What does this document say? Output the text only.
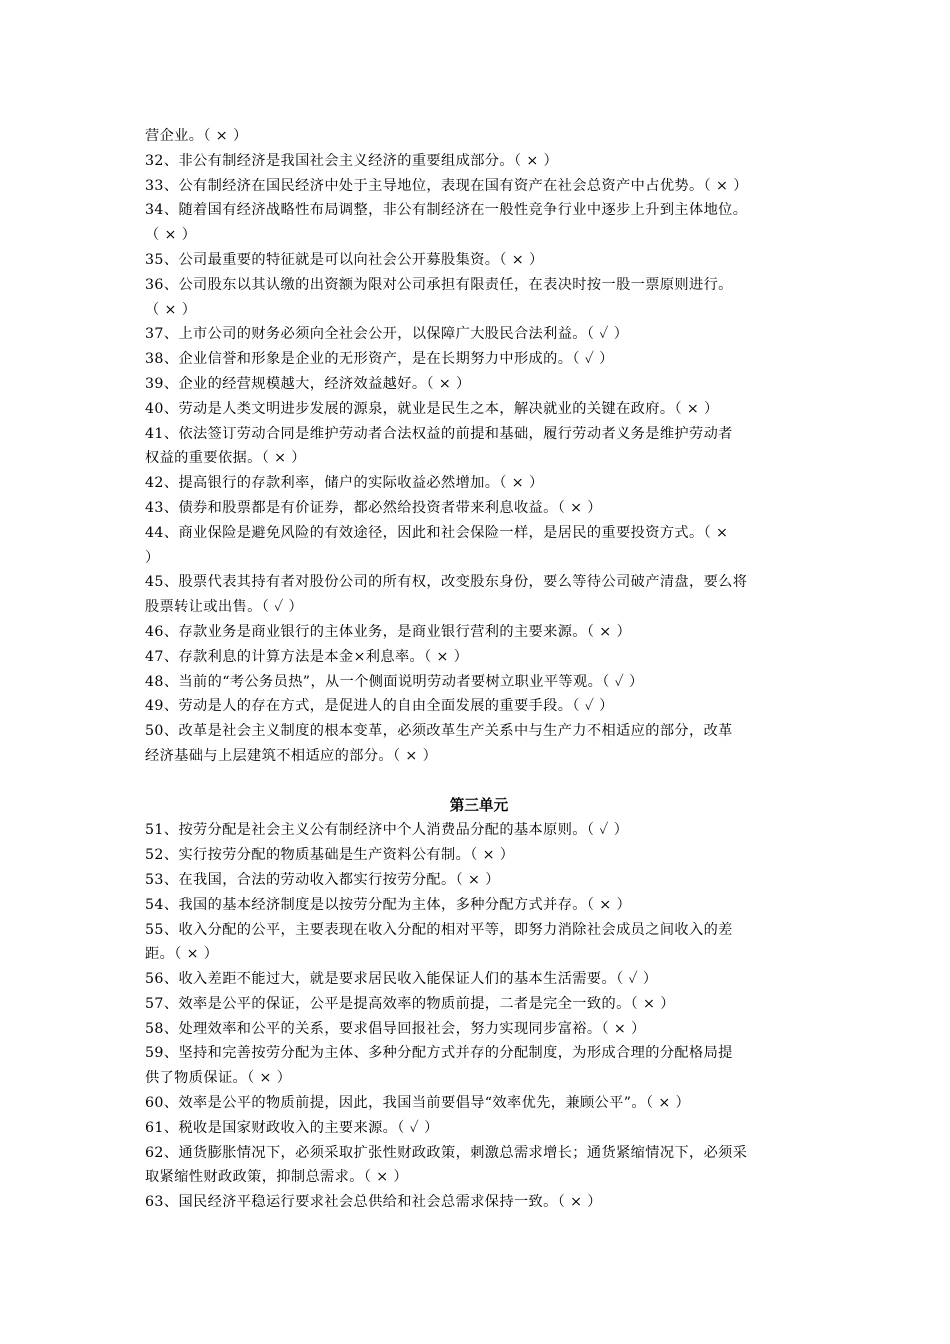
营企业。（ × ）
32、非公有制经济是我国社会主义经济的重要组成部分。（ × ）
33、公有制经济在国民经济中处于主导地位，表现在国有资产在社会总资产中占优势。（ × ）
34、随着国有经济战略性布局调整，非公有制经济在一般性竞争行业中逐步上升到主体地位。
（ × ）
35、公司最重要的特征就是可以向社会公开募股集资。（ × ）
36、公司股东以其认缴的出资额为限对公司承担有限责任，在表决时按一股一票原则进行。
（ × ）
37、上市公司的财务必须向全社会公开，以保障广大股民合法利益。（ ✓ ）
38、企业信誉和形象是企业的无形资产，是在长期努力中形成的。（ ✓ ）
39、企业的经营规模越大，经济效益越好。（ × ）
40、劳动是人类文明进步发展的源泉，就业是民生之本，解决就业的关键在政府。（ × ）
41、依法签订劳动合同是维护劳动者合法权益的前提和基础，履行劳动者义务是维护劳动者
权益的重要依据。（ × ）
42、提高银行的存款利率，储户的实际收益必然增加。（ × ）
43、债券和股票都是有价证券，都必然给投资者带来利息收益。（ × ）
44、商业保险是避免风险的有效途径，因此和社会保险一样，是居民的重要投资方式。（ ×
）
45、股票代表其持有者对股份公司的所有权，改变股东身份，要么等待公司破产清盘，要么将
股票转让或出售。（ ✓ ）
46、存款业务是商业银行的主体业务，是商业银行营利的主要来源。（ × ）
47、存款利息的计算方法是本金×利息率。（ × ）
48、当前的“考公务员热”，从一个侧面说明劳动者要树立职业平等观。（ ✓ ）
49、劳动是人的存在方式，是促进人的自由全面发展的重要手段。（ ✓ ）
50、改革是社会主义制度的根本变革，必须改革生产关系中与生产力不相适应的部分，改革
经济基础与上层建筑不相适应的部分。（ × ）
第三单元
51、按劳分配是社会主义公有制经济中个人消费品分配的基本原则。（ ✓ ）
52、实行按劳分配的物质基础是生产资料公有制。（ × ）
53、在我国，合法的劳动收入都实行按劳分配。（ × ）
54、我国的基本经济制度是以按劳分配为主体，多种分配方式并存。（ × ）
55、收入分配的公平，主要表现在收入分配的相对平等，即努力消除社会成员之间收入的差
距。（ × ）
56、收入差距不能过大，就是要求居民收入能保证人们的基本生活需要。（ ✓ ）
57、效率是公平的保证，公平是提高效率的物质前提，二者是完全一致的。（ × ）
58、处理效率和公平的关系，要求倡导回报社会，努力实现同步富裕。（ × ）
59、坚持和完善按劳分配为主体、多种分配方式并存的分配制度，为形成合理的分配格局提
供了物质保证。（ × ）
60、效率是公平的物质前提，因此，我国当前要倡导“效率优先，兼顾公平”。（ × ）
61、税收是国家财政收入的主要来源。（ ✓ ）
62、通货膨胀情况下，必须采取扩张性财政政策，刺激总需求增长；通货紧缩情况下，必须采
取紧缩性财政政策，抑制总需求。（ × ）
63、国民经济平稳运行要求社会总供给和社会总需求保持一致。（ × ）
